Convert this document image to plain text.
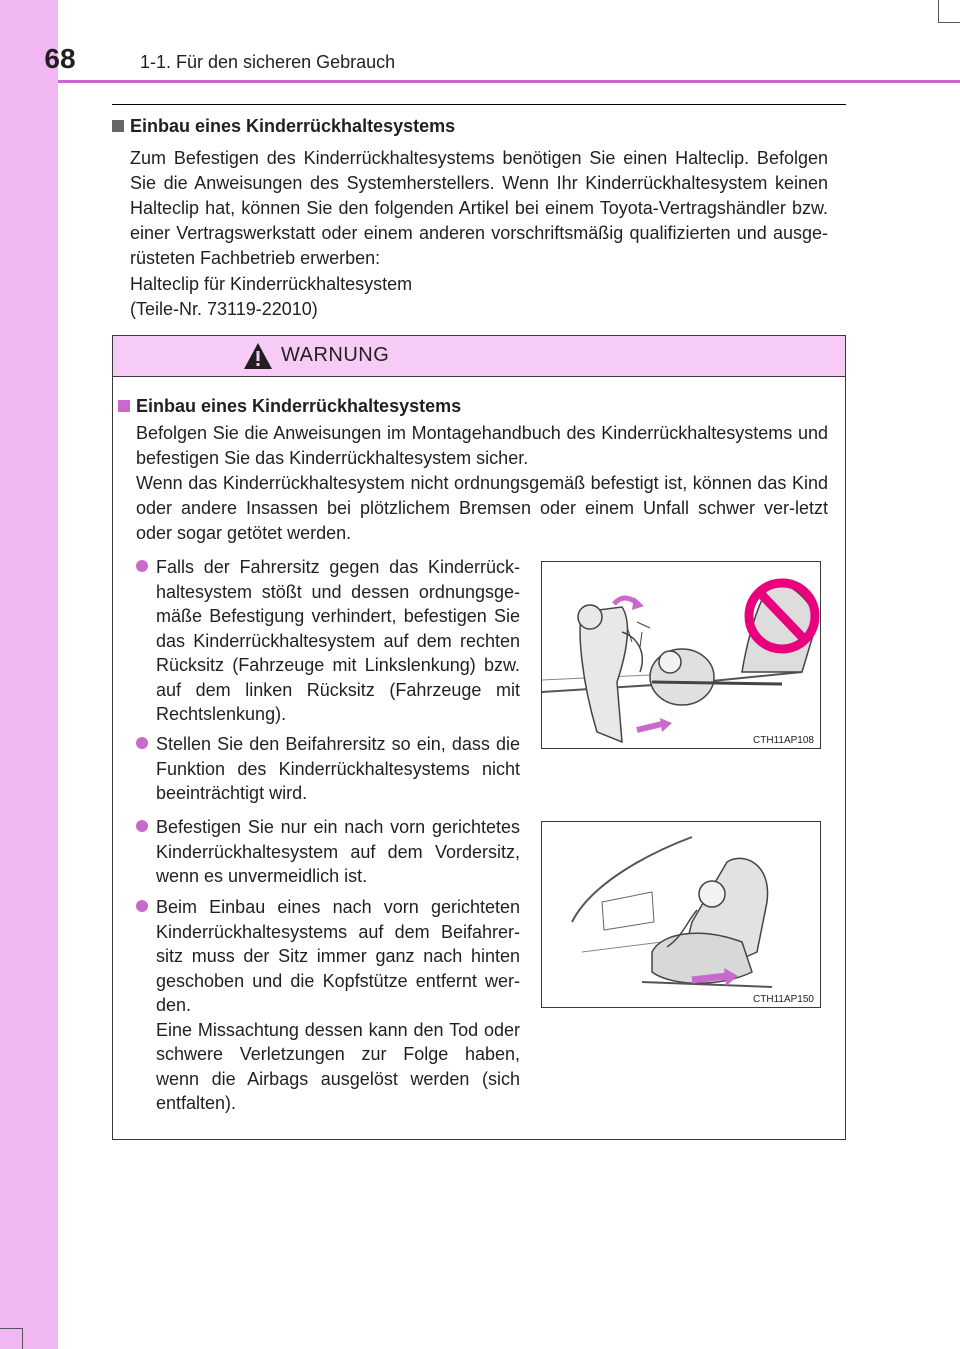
68	1-1. Für den sicheren Gebrauch
Einbau eines Kinderrückhaltesystems

Zum Befestigen des Kinderrückhaltesystems benötigen Sie einen Halteclip. Befolgen Sie die Anweisungen des Systemherstellers. Wenn Ihr Kinderrückhaltesystem keinen Halteclip hat, können Sie den folgenden Artikel bei einem Toyota-Vertragshändler bzw. einer Vertragswerkstatt oder einem anderen vorschriftsmäßig qualifizierten und ausge-rüsteten Fachbetrieb erwerben:

Halteclip für Kinderrückhaltesystem
(Teile-Nr. 73119-22010)
WARNUNG
Einbau eines Kinderrückhaltesystems

Befolgen Sie die Anweisungen im Montagehandbuch des Kinderrückhaltesystems und befestigen Sie das Kinderrückhaltesystem sicher.

Wenn das Kinderrückhaltesystem nicht ordnungsgemäß befestigt ist, können das Kind oder andere Insassen bei plötzlichem Bremsen oder einem Unfall schwer ver-letzt oder sogar getötet werden.

Falls der Fahrersitz gegen das Kinderrück-haltesystem stößt und dessen ordnungsge-mäße Befestigung verhindert, befestigen Sie das Kinderrückhaltesystem auf dem rechten Rücksitz (Fahrzeuge mit Linkslenkung) bzw. auf dem linken Rücksitz (Fahrzeuge mit Rechtslenkung).
Stellen Sie den Beifahrersitz so ein, dass die Funktion des Kinderrückhaltesystems nicht beeinträchtigt wird.
Befestigen Sie nur ein nach vorn gerichtetes Kinderrückhaltesystem auf dem Vordersitz, wenn es unvermeidlich ist.
Beim Einbau eines nach vorn gerichteten Kinderrückhaltesystems auf dem Beifahrer-sitz muss der Sitz immer ganz nach hinten geschoben und die Kopfstütze entfernt wer-den.
Eine Missachtung dessen kann den Tod oder schwere Verletzungen zur Folge haben, wenn die Airbags ausgelöst werden (sich entfalten).
CTH11AP108
CTH11AP150
